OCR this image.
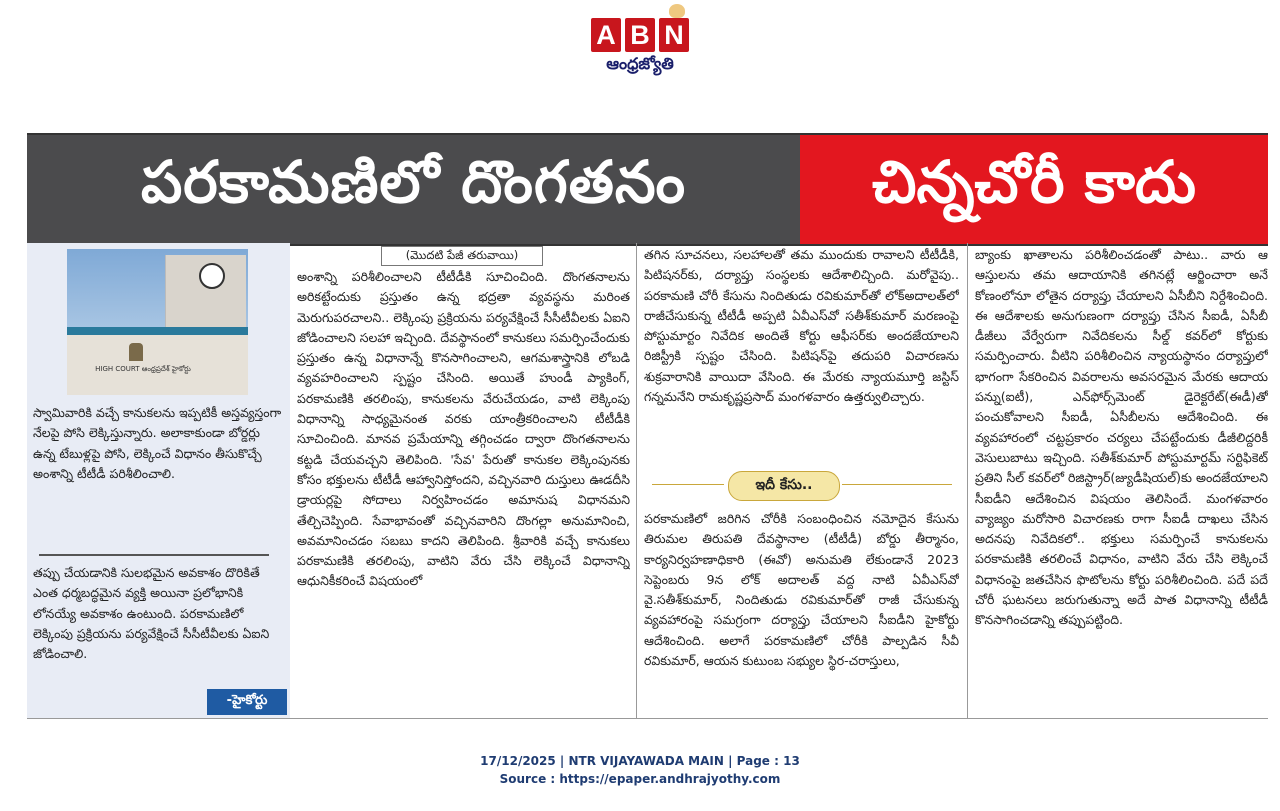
A B N
ఆంధ్రజ్యోతి
పరకామణిలో దొంగతనం	చిన్నచోరీ కాదు
HIGH COURT ఆంధ్రప్రదేశ్ హైకోర్టు
స్వామివారికి వచ్చే కానుకలను ఇప్పటికీ అస్తవ్యస్తంగా నేలపై పోసి లెక్కిస్తున్నారు. అలాకాకుండా బోర్డర్లు ఉన్న టేబుళ్లపై పోసి, లెక్కించే విధానం తీసుకొచ్చే అంశాన్ని టీటీడీ పరిశీలించాలి.
తప్పు చేయడానికి సులభమైన అవకాశం దొరికితే ఎంత ధర్మబద్ధమైన వ్యక్తి అయినా ప్రలోభానికి లోనయ్యే అవకాశం ఉంటుంది. పరకామణిలో లెక్కింపు ప్రక్రియను పర్యవేక్షించే సీసీటీవీలకు ఏఐని జోడించాలి.
-హైకోర్టు
(మొదటి పేజీ తరువాయి)

అంశాన్ని పరిశీలించాలని టీటీడీకి సూచించింది. దొంగతనాలను అరికట్టేందుకు ప్రస్తుతం ఉన్న భద్రతా వ్యవస్థను మరింత మెరుగుపరచాలని.. లెక్కింపు ప్రక్రియను పర్యవేక్షించే సీసీటీవీలకు ఏఐని జోడించాలని సలహా ఇచ్చింది. దేవస్థానంలో కానుకలు సమర్పించేందుకు ప్రస్తుతం ఉన్న విధానాన్నే కొనసాగించాలని, ఆగమశాస్త్రానికి లోబడి వ్యవహరించాలని స్పష్టం చేసింది. అయితే హుండీ ప్యాకింగ్, పరకామణికి తరలింపు, కానుకలను వేరుచేయడం, వాటి లెక్కింపు విధానాన్ని సాధ్యమైనంత వరకు యాంత్రీకరించాలని టీటీడీకి సూచించింది. మానవ ప్రమేయాన్ని తగ్గించడం ద్వారా దొంగతనాలను కట్టడి చేయవచ్చని తెలిపింది. 'సేవ' పేరుతో కానుకల లెక్కింపునకు కోసం భక్తులను టీటీడీ ఆహ్వానిస్తోందని, వచ్చినవారి దుస్తులు ఊడదీసి డ్రాయర్లపై సోదాలు నిర్వహించడం అమానుష విధానమని తేల్చిచెప్పింది. సేవాభావంతో వచ్చినవారిని దొంగల్లా అనుమానించి, అవమానించడం సబబు కాదని తెలిపింది. శ్రీవారికి వచ్చే కానుకలు పరకామణికి తరలింపు, వాటిని వేరు చేసి లెక్కించే విధానాన్ని ఆధునికీకరించే విషయంలో

తగిన సూచనలు, సలహాలతో తమ ముందుకు రావాలని టీటీడీకి, పిటిషనర్‌కు, దర్యాప్తు సంస్థలకు ఆదేశాలిచ్చింది. మరోవైపు.. పరకామణి చోరీ కేసును నిందితుడు రవికుమార్‌తో లోక్‌అదాలత్‌లో రాజీచేసుకున్న టీటీడీ అప్పటి ఏవీఎస్‌వో సతీశ్‌కుమార్ మరణంపై పోస్టుమార్టం నివేదిక అందితే కోర్టు ఆఫీసర్‌కు అందజేయాలని రిజిస్ట్రీకి స్పష్టం చేసింది. పిటిషన్‌పై తదుపరి విచారణను శుక్రవారానికి వాయిదా వేసింది. ఈ మేరకు న్యాయమూర్తి జస్టిస్ గన్నమనేని రామకృష్ణప్రసాద్ మంగళవారం ఉత్తర్వులిచ్చారు.

ఇదీ కేసు..

పరకామణిలో జరిగిన చోరీకి సంబంధించిన నమోదైన కేసును తిరుమల తిరుపతి దేవస్థానాల (టీటీడీ) బోర్డు తీర్మానం, కార్యనిర్వహణాధికారి (ఈవో) అనుమతి లేకుండానే 2023 సెప్టెంబరు 9న లోక్ అదాలత్ వద్ద నాటి ఏవీఎస్‌వో వై.సతీశ్‌కుమార్, నిందితుడు రవికుమార్‌తో రాజీ చేసుకున్న వ్యవహారంపై సమగ్రంగా దర్యాప్తు చేయాలని సీఐడీని హైకోర్టు ఆదేశించింది. అలాగే పరకామణిలో చోరీకి పాల్పడిన సీవీ రవికుమార్, ఆయన కుటుంబ సభ్యుల స్థిర-చరాస్తులు,

బ్యాంకు ఖాతాలను పరిశీలించడంతో పాటు.. వారు ఆ ఆస్తులను తమ ఆదాయానికి తగినట్లే ఆర్జించారా అనే కోణంలోనూ లోతైన దర్యాప్తు చేయాలని ఏసీబీని నిర్దేశించింది. ఈ ఆదేశాలకు అనుగుణంగా దర్యాప్తు చేసిన సీఐడీ, ఏసీబీ డీజీలు వేర్వేరుగా నివేదికలను సీల్డ్ కవర్‌లో కోర్టుకు సమర్పించారు. వీటిని పరిశీలించిన న్యాయస్థానం దర్యాప్తులో భాగంగా సేకరించిన వివరాలను అవసరమైన మేరకు ఆదాయ పన్ను(ఐటీ), ఎన్‌ఫోర్స్‌మెంట్ డైరెక్టరేట్(ఈడీ)తో పంచుకోవాలని సీఐడీ, ఏసీబీలను ఆదేశించింది. ఈ వ్యవహారంలో చట్టప్రకారం చర్యలు చేపట్టేందుకు డీజీలిద్దరికీ వెసులుబాటు ఇచ్చింది. సతీశ్‌కుమార్ పోస్టుమార్టమ్ సర్టిఫికెట్‌ ప్రతిని సీల్ కవర్‌లో రిజిస్ట్రార్(జ్యుడీషియల్)కు అందజేయాలని సీఐడీని ఆదేశించిన విషయం తెలిసిందే. మంగళవారం వ్యాజ్యం మరోసారి విచారణకు రాగా సీఐడీ దాఖలు చేసిన అదనపు నివేదికలో.. భక్తులు సమర్పించే కానుకలను పరకామణికి తరలించే విధానం, వాటిని వేరు చేసి లెక్కించే విధానంపై జతచేసిన ఫొటోలను కోర్టు పరిశీలించింది. పదే పదే చోరీ ఘటనలు జరుగుతున్నా అదే పాత విధానాన్ని టీటీడీ కొనసాగించడాన్ని తప్పుపట్టింది.

17/12/2025 | NTR VIJAYAWADA MAIN | Page : 13
Source : https://epaper.andhrajyothy.com
